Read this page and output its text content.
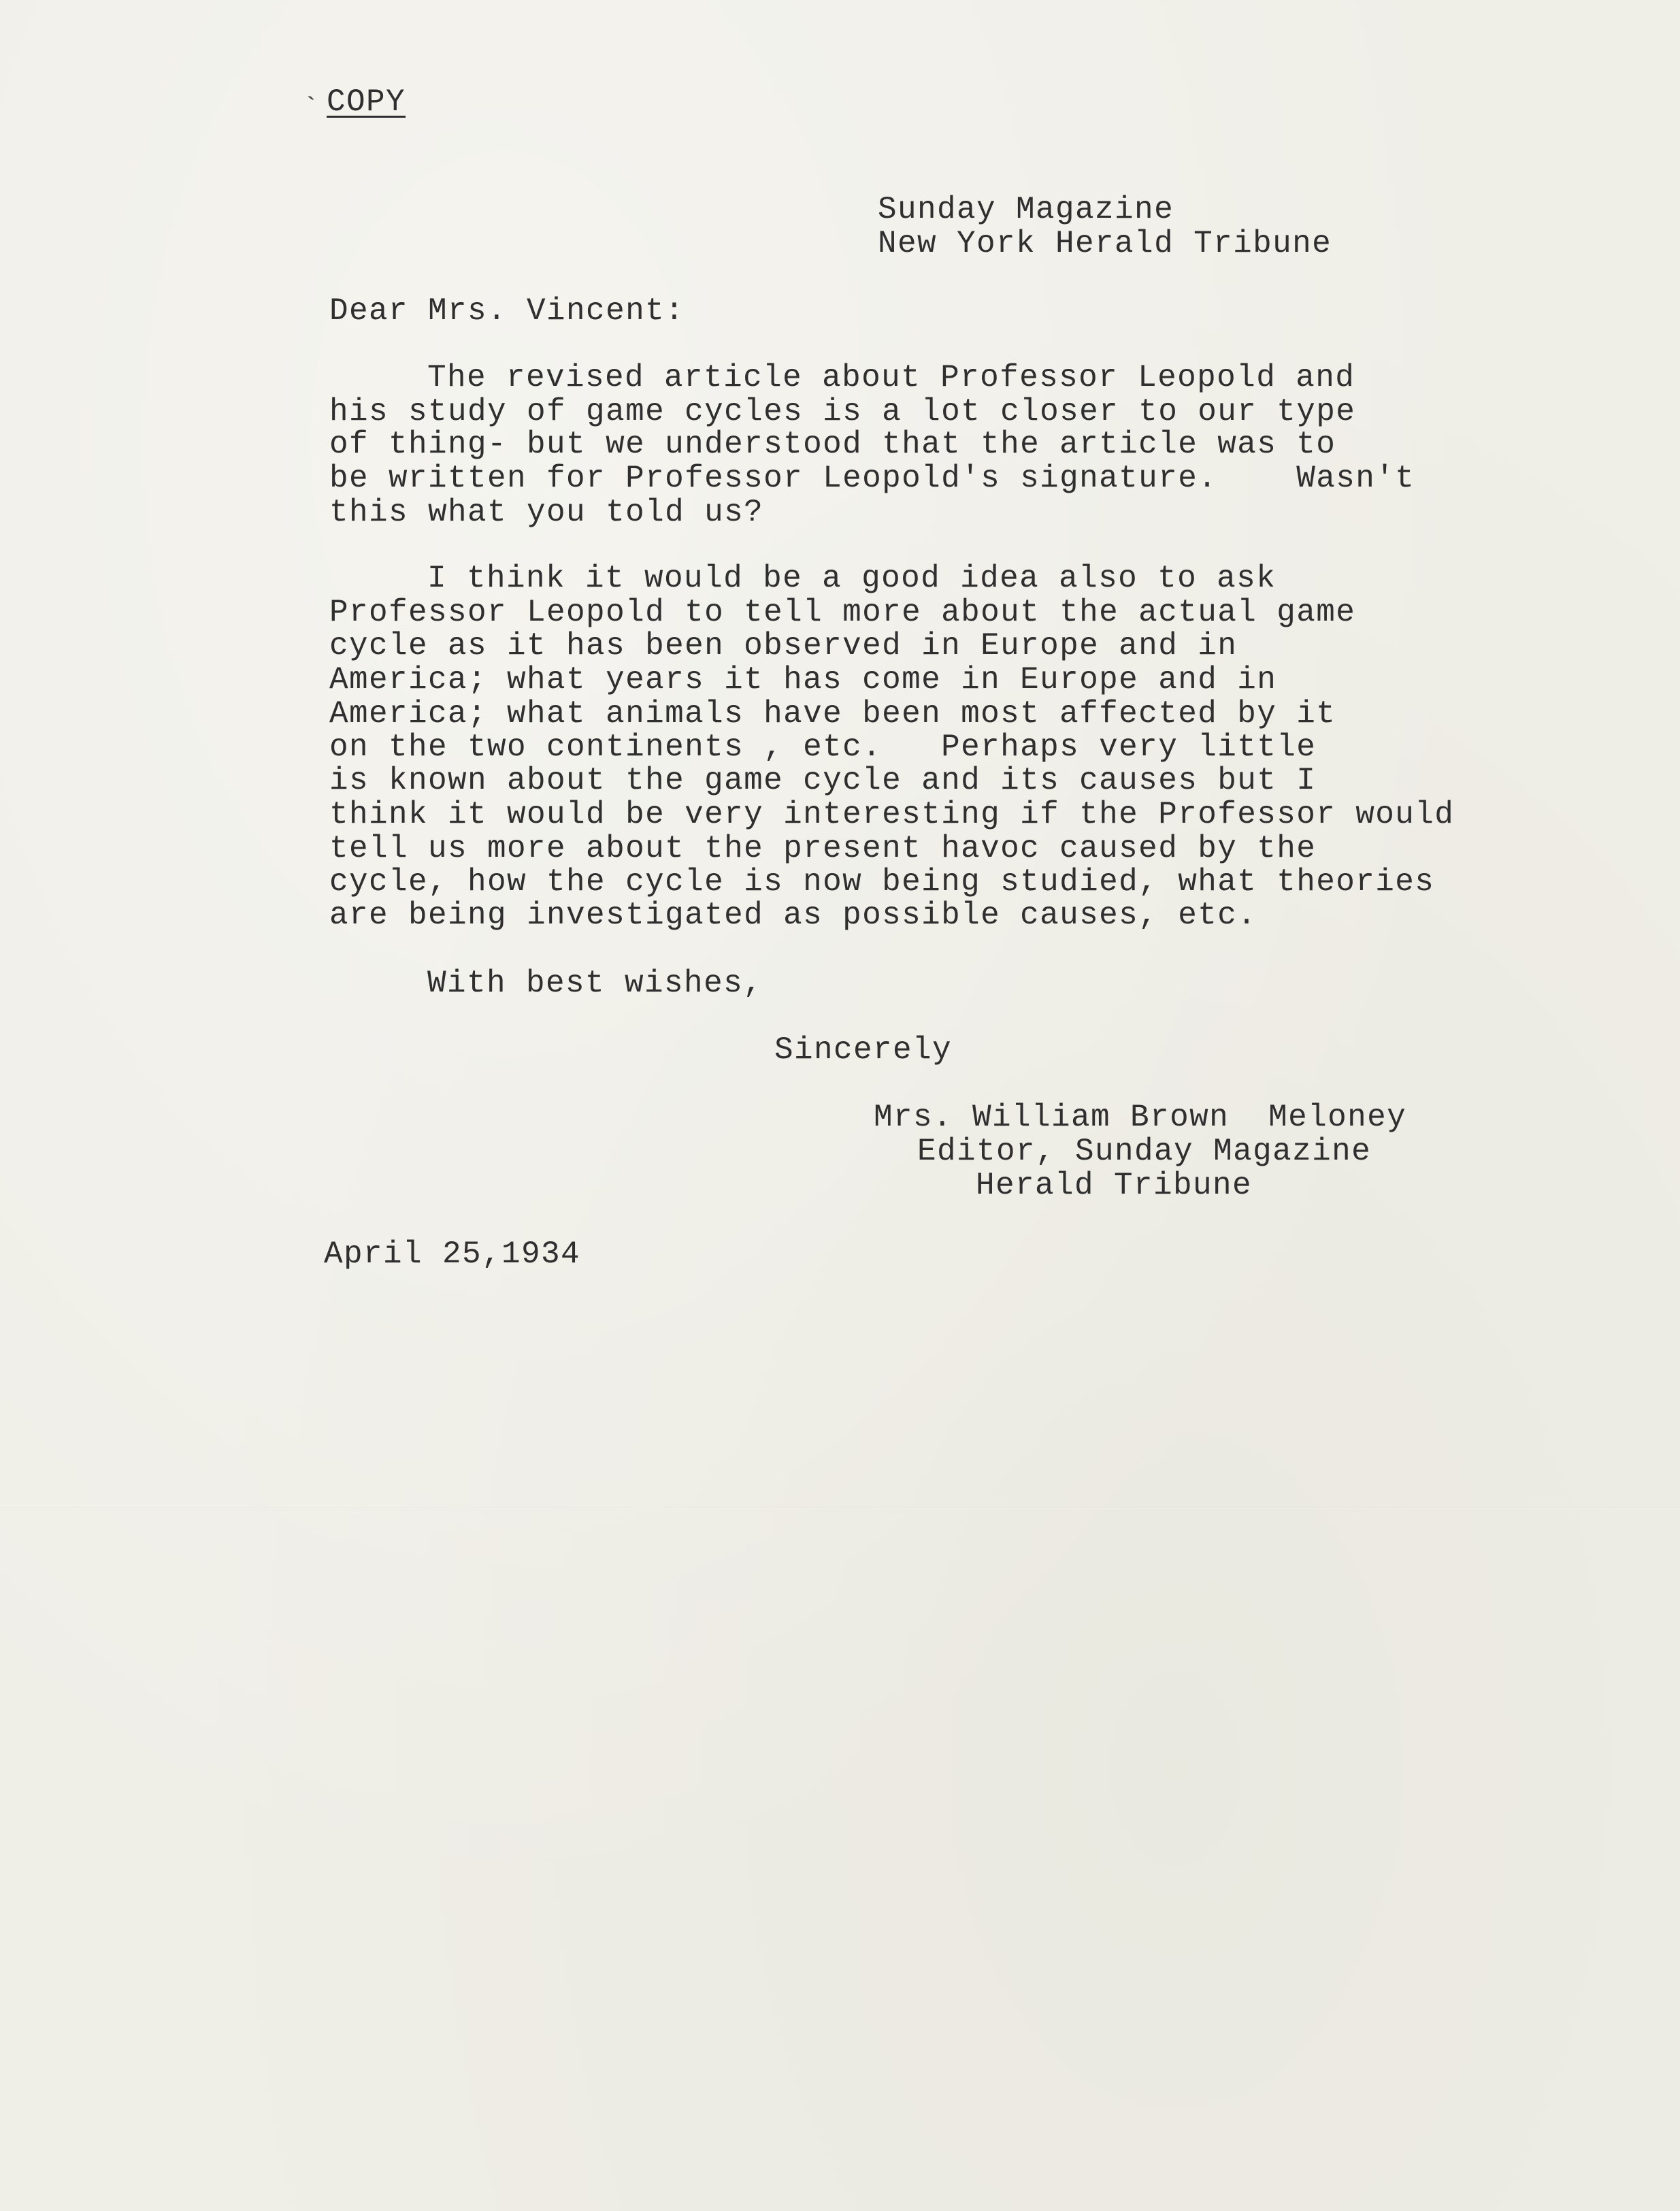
` COPY
Sunday Magazine
New York Herald Tribune
Dear Mrs. Vincent:
The revised article about Professor Leopold and
his study of game cycles is a lot closer to our type
of thing- but we understood that the article was to
be written for Professor Leopold's signature.    Wasn't
this what you told us?
I think it would be a good idea also to ask
Professor Leopold to tell more about the actual game
cycle as it has been observed in Europe and in
America; what years it has come in Europe and in
America; what animals have been most affected by it
on the two continents , etc.   Perhaps very little
is known about the game cycle and its causes but I
think it would be very interesting if the Professor would
tell us more about the present havoc caused by the
cycle, how the cycle is now being studied, what theories
are being investigated as possible causes, etc.
With best wishes,
Sincerely
Mrs. William Brown  Meloney
Editor, Sunday Magazine
Herald Tribune
April 25,1934
